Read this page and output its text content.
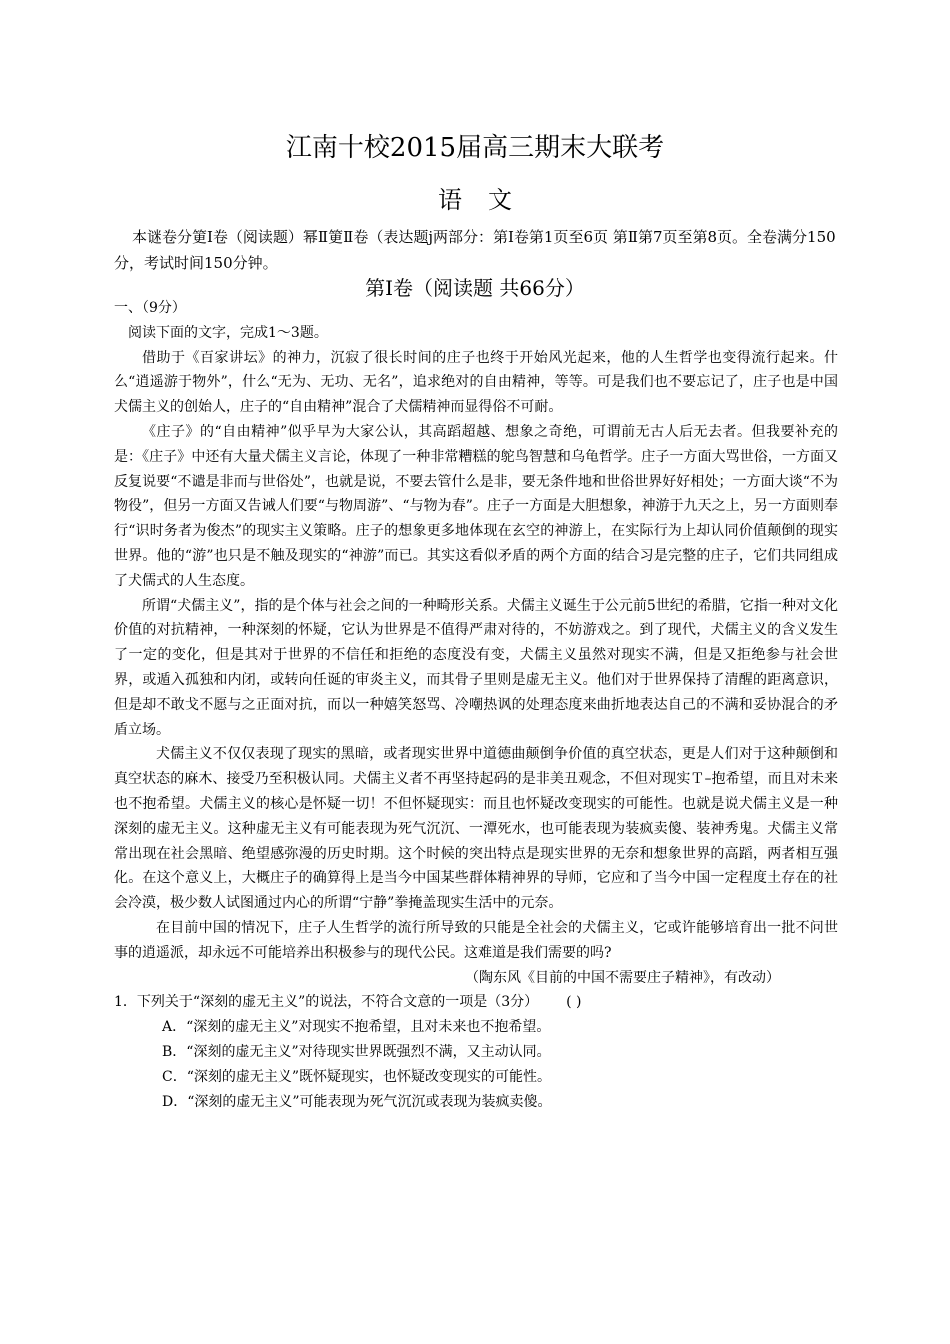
江南十校2015届高三期末大联考
语文
本谜卷分筻Ⅰ卷（阅读题）幂Ⅱ筻Ⅱ卷（表达题j两部分：第Ⅰ卷第1页至6页 第Ⅱ第7页至第8页。全卷满分150分，考试时间150分钟。
第Ⅰ卷（阅读题 共66分）
一、（9分）
阅读下面的文字，完成1～3题。

借助于《百家讲坛》的神力，沉寂了很长时间的庄子也终于开始风光起来，他的人生哲学也变得流行起来。什么“逍遥游于物外”，什么“无为、无功、无名”，追求绝对的自由精神，等等。可是我们也不要忘记了，庄子也是中国犬儒主义的创始人，庄子的“自由精神”混合了犬儒精神而显得俗不可耐。

《庄子》的“自由精神”似乎早为大家公认，其高蹈超越、想象之奇绝，可谓前无古人后无去者。但我要补充的是：《庄子》中还有大量犬儒主义言论，体现了一种非常糟糕的鸵鸟智慧和乌龟哲学。庄子一方面大骂世俗，一方面又反复说要“不谴是非而与世俗处”，也就是说，不要去管什么是非，要无条件地和世俗世界好好相处；一方面大谈“不为物役”，但另一方面又告诫人们要“与物周游”、“与物为春”。庄子一方面是大胆想象，神游于九天之上，另一方面则奉行“识时务者为俊杰”的现实主义策略。庄子的想象更多地体现在玄空的神游上，在实际行为上却认同价值颠倒的现实世界。他的“游”也只是不触及现实的“神游”而已。其实这看似矛盾的两个方面的结合习是完整的庄子，它们共同组成了犬儒式的人生态度。

所谓“犬儒主义”，指的是个体与社会之间的一种畸形关系。犬儒主义诞生于公元前5世纪的希腊，它指一种对文化价值的对抗精神，一种深刻的怀疑，它认为世界是不值得严肃对待的，不妨游戏之。到了现代，犬儒主义的含义发生了一定的变化，但是其对于世界的不信任和拒绝的态度没有变，犬儒主义虽然对现实不满，但是又拒绝参与社会世界，或遁入孤独和内闭，或转向任诞的审炎主义，而其骨子里则是虚无主义。他们对于世界保持了清醒的距离意识，但是却不敢戈不愿与之正面对抗，而以一种嬉笑怒骂、冷嘲热讽的处理态度来曲折地表达自己的不满和妥协混合的矛盾立场。

犬儒主义不仅仅表现了现实的黑暗，或者现实世界中道德曲颠倒争价值的真空状态，更是人们对于这种颠倒和真空状态的麻木、接受乃至积极认同。犬儒主义者不再坚持起码的是非美丑观念，不但对现实Ｔ–抱希望，而且对未来也不抱希望。犬儒主义的核心是怀疑一切！不但怀疑现实：而且也怀疑改变现实的可能性。也就是说犬儒主义是一种深刻的虚无主义。这种虚无主义有可能表现为死气沉沉、一潭死水，也可能表现为装疯卖傻、装神秀鬼。犬儒主义常常出现在社会黑暗、绝望感弥漫的历史时期。这个时候的突出特点是现实世界的无奈和想象世界的高蹈，两者相互强化。在这个意义上，大概庄子的确算得上是当今中国某些群体精神界的导师，它应和了当今中国一定程度土存在的社会冷漠，极少数人试图通过内心的所谓“宁静”拳掩盖现实生活中的元奈。

在目前中国的情况下，庄子人生哲学的流行所导致的只能是全社会的犬儒主义，它或许能够培育出一批不问世事的逍遥派，却永远不可能培养出积极参与的现代公民。这难道是我们需要的吗?

（陶东风《目前的中国不需要庄子精神》，有改动）
1．下列关于“深刻的虚无主义”的说法，不符合文意的一项是（3分） ( )
A．“深刻的虚无主义”对现实不抱希望，且对未来也不抱希望。
B．“深刻的虚无主义”对待现实世界既强烈不满，又主动认同。
C．“深刻的虚无主义”既怀疑现实，也怀疑改变现实的可能性。
D．“深刻的虚无主义”可能表现为死气沉沉或表现为装疯卖傻。
